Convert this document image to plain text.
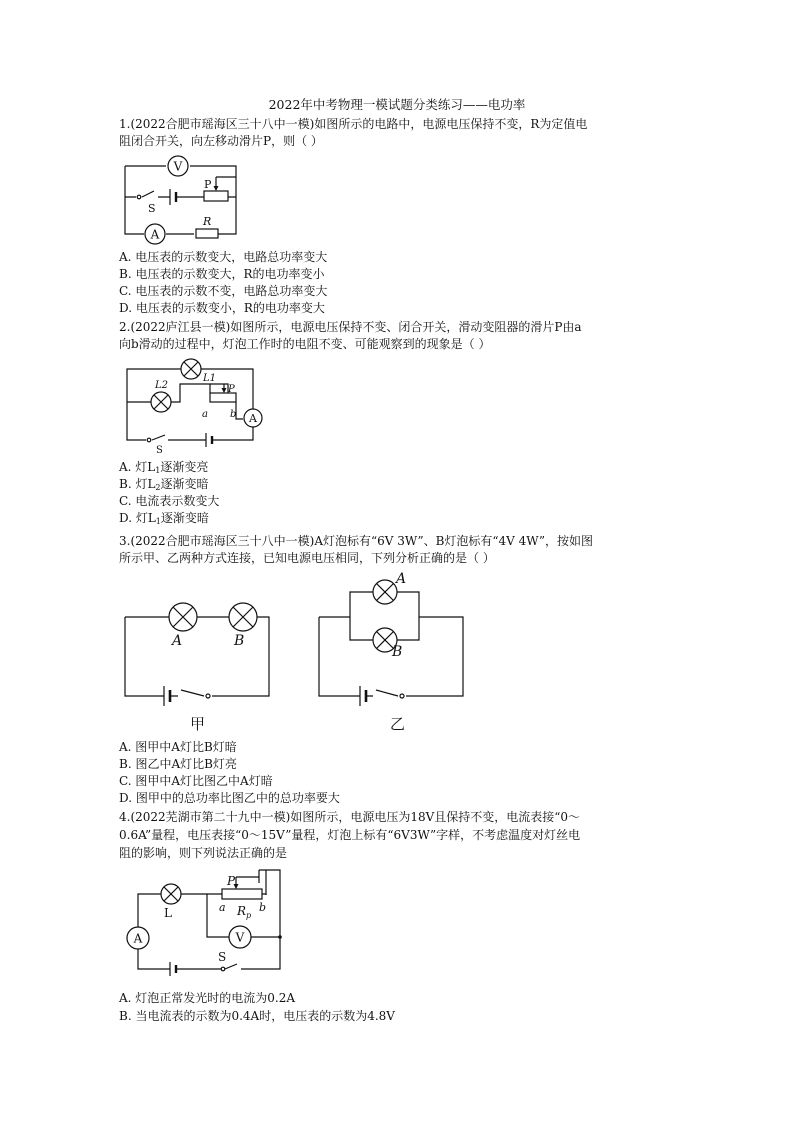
2022年中考物理一模试题分类练习——电功率
1.(2022合肥市瑶海区三十八中一模)如图所示的电路中，电源电压保持不变，R为定值电
阻闭合开关，向左移动滑片P，则（ ）
V
P
S
A
R
A. 电压表的示数变大，电路总功率变大
B. 电压表的示数变大，R的电功率变小
C. 电压表的示数不变，电路总功率变大
D. 电压表的示数变小，R的电功率变大
2.(2022庐江县一模)如图所示，电源电压保持不变、闭合开关，滑动变阻器的滑片P由a
向b滑动的过程中，灯泡工作时的电阻不变、可能观察到的现象是（ ）
L1
L2	P
a b A
S
A. 灯$L_1$逐渐变亮
B. 灯$L_2$逐渐变暗
C. 电流表示数变大
D. 灯$L_1$逐渐变暗
3.(2022合肥市瑶海区三十八中一模)A灯泡标有“6V 3W”、B灯泡标有“4V 4W”，按如图
所示甲、乙两种方式连接，已知电源电压相同，下列分析正确的是（ ）
A	B
甲
A
B
乙
A. 图甲中A灯比B灯暗
B. 图乙中A灯比B灯亮
C. 图甲中A灯比图乙中A灯暗
D. 图甲中的总功率比图乙中的总功率要大
4.(2022芜湖市第二十九中一模)如图所示，电源电压为18V且保持不变，电流表接“0～
0.6A”量程，电压表接“0～15V”量程，灯泡上标有“6V3W”字样，不考虑温度对灯丝电
阻的影响，则下列说法正确的是
L
P
a $R_p$
b
A	V
S
A. 灯泡正常发光时的电流为0.2A
B. 当电流表的示数为0.4A时，电压表的示数为4.8V
